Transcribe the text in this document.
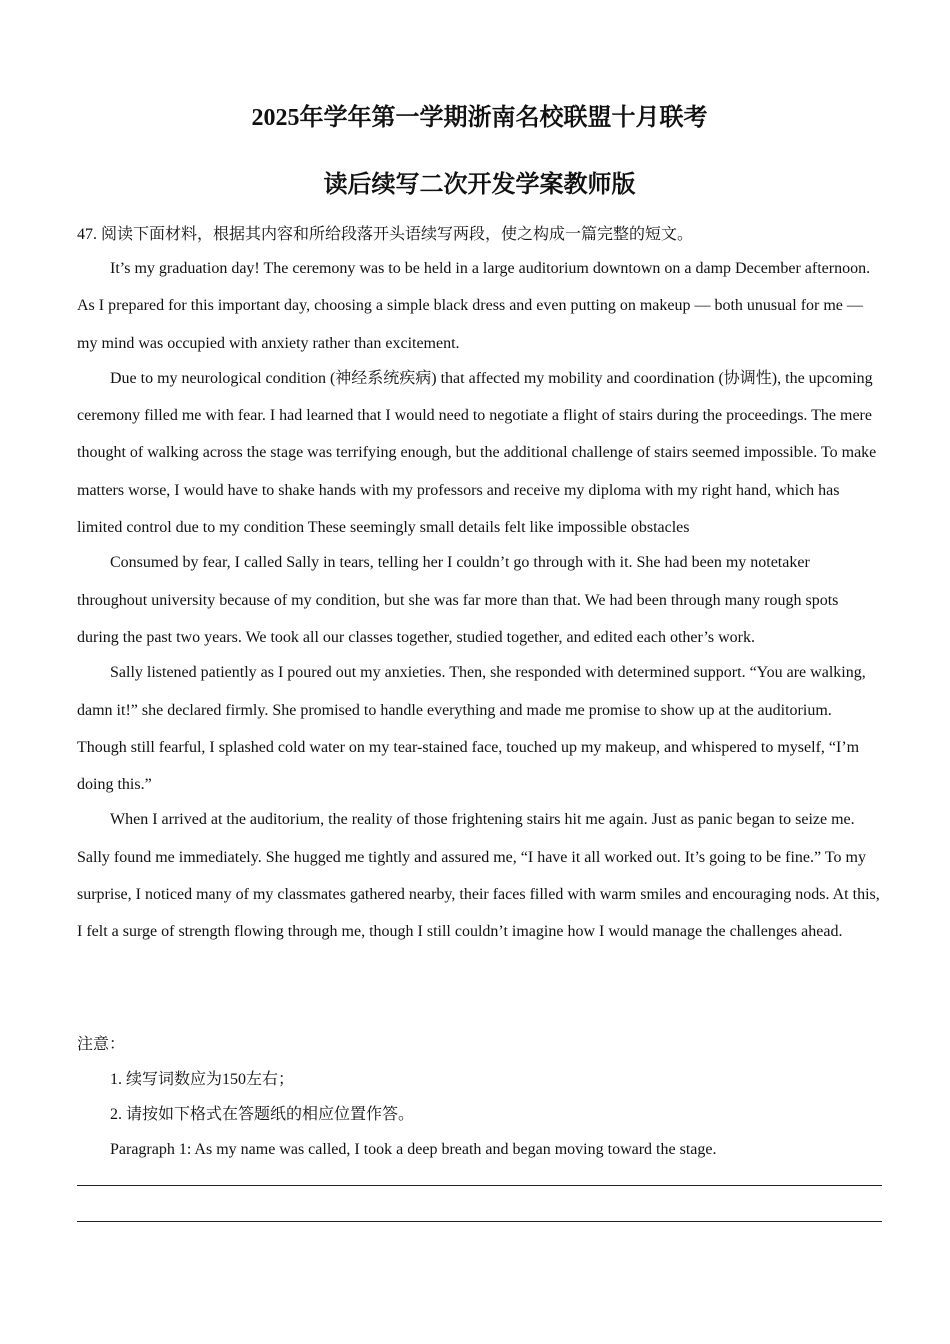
2025年学年第一学期浙南名校联盟十月联考
读后续写二次开发学案教师版

47. 阅读下面材料，根据其内容和所给段落开头语续写两段，使之构成一篇完整的短文。

It’s my graduation day! The ceremony was to be held in a large auditorium downtown on a damp December afternoon. As I prepared for this important day, choosing a simple black dress and even putting on makeup — both unusual for me — my mind was occupied with anxiety rather than excitement.

Due to my neurological condition (神经系统疾病) that affected my mobility and coordination (协调性), the upcoming ceremony filled me with fear. I had learned that I would need to negotiate a flight of stairs during the proceedings. The mere thought of walking across the stage was terrifying enough, but the additional challenge of stairs seemed impossible. To make matters worse, I would have to shake hands with my professors and receive my diploma with my right hand, which has limited control due to my condition These seemingly small details felt like impossible obstacles

Consumed by fear, I called Sally in tears, telling her I couldn’t go through with it. She had been my notetaker throughout university because of my condition, but she was far more than that. We had been through many rough spots during the past two years. We took all our classes together, studied together, and edited each other’s work.

Sally listened patiently as I poured out my anxieties. Then, she responded with determined support. “You are walking, damn it!” she declared firmly. She promised to handle everything and made me promise to show up at the auditorium. Though still fearful, I splashed cold water on my tear-stained face, touched up my makeup, and whispered to myself, “I’m doing this.”

When I arrived at the auditorium, the reality of those frightening stairs hit me again. Just as panic began to seize me. Sally found me immediately. She hugged me tightly and assured me, “I have it all worked out. It’s going to be fine.” To my surprise, I noticed many of my classmates gathered nearby, their faces filled with warm smiles and encouraging nods. At this, I felt a surge of strength flowing through me, though I still couldn’t imagine how I would manage the challenges ahead.

注意：

1. 续写词数应为150左右；

2. 请按如下格式在答题纸的相应位置作答。

Paragraph 1: As my name was called, I took a deep breath and began moving toward the stage.
